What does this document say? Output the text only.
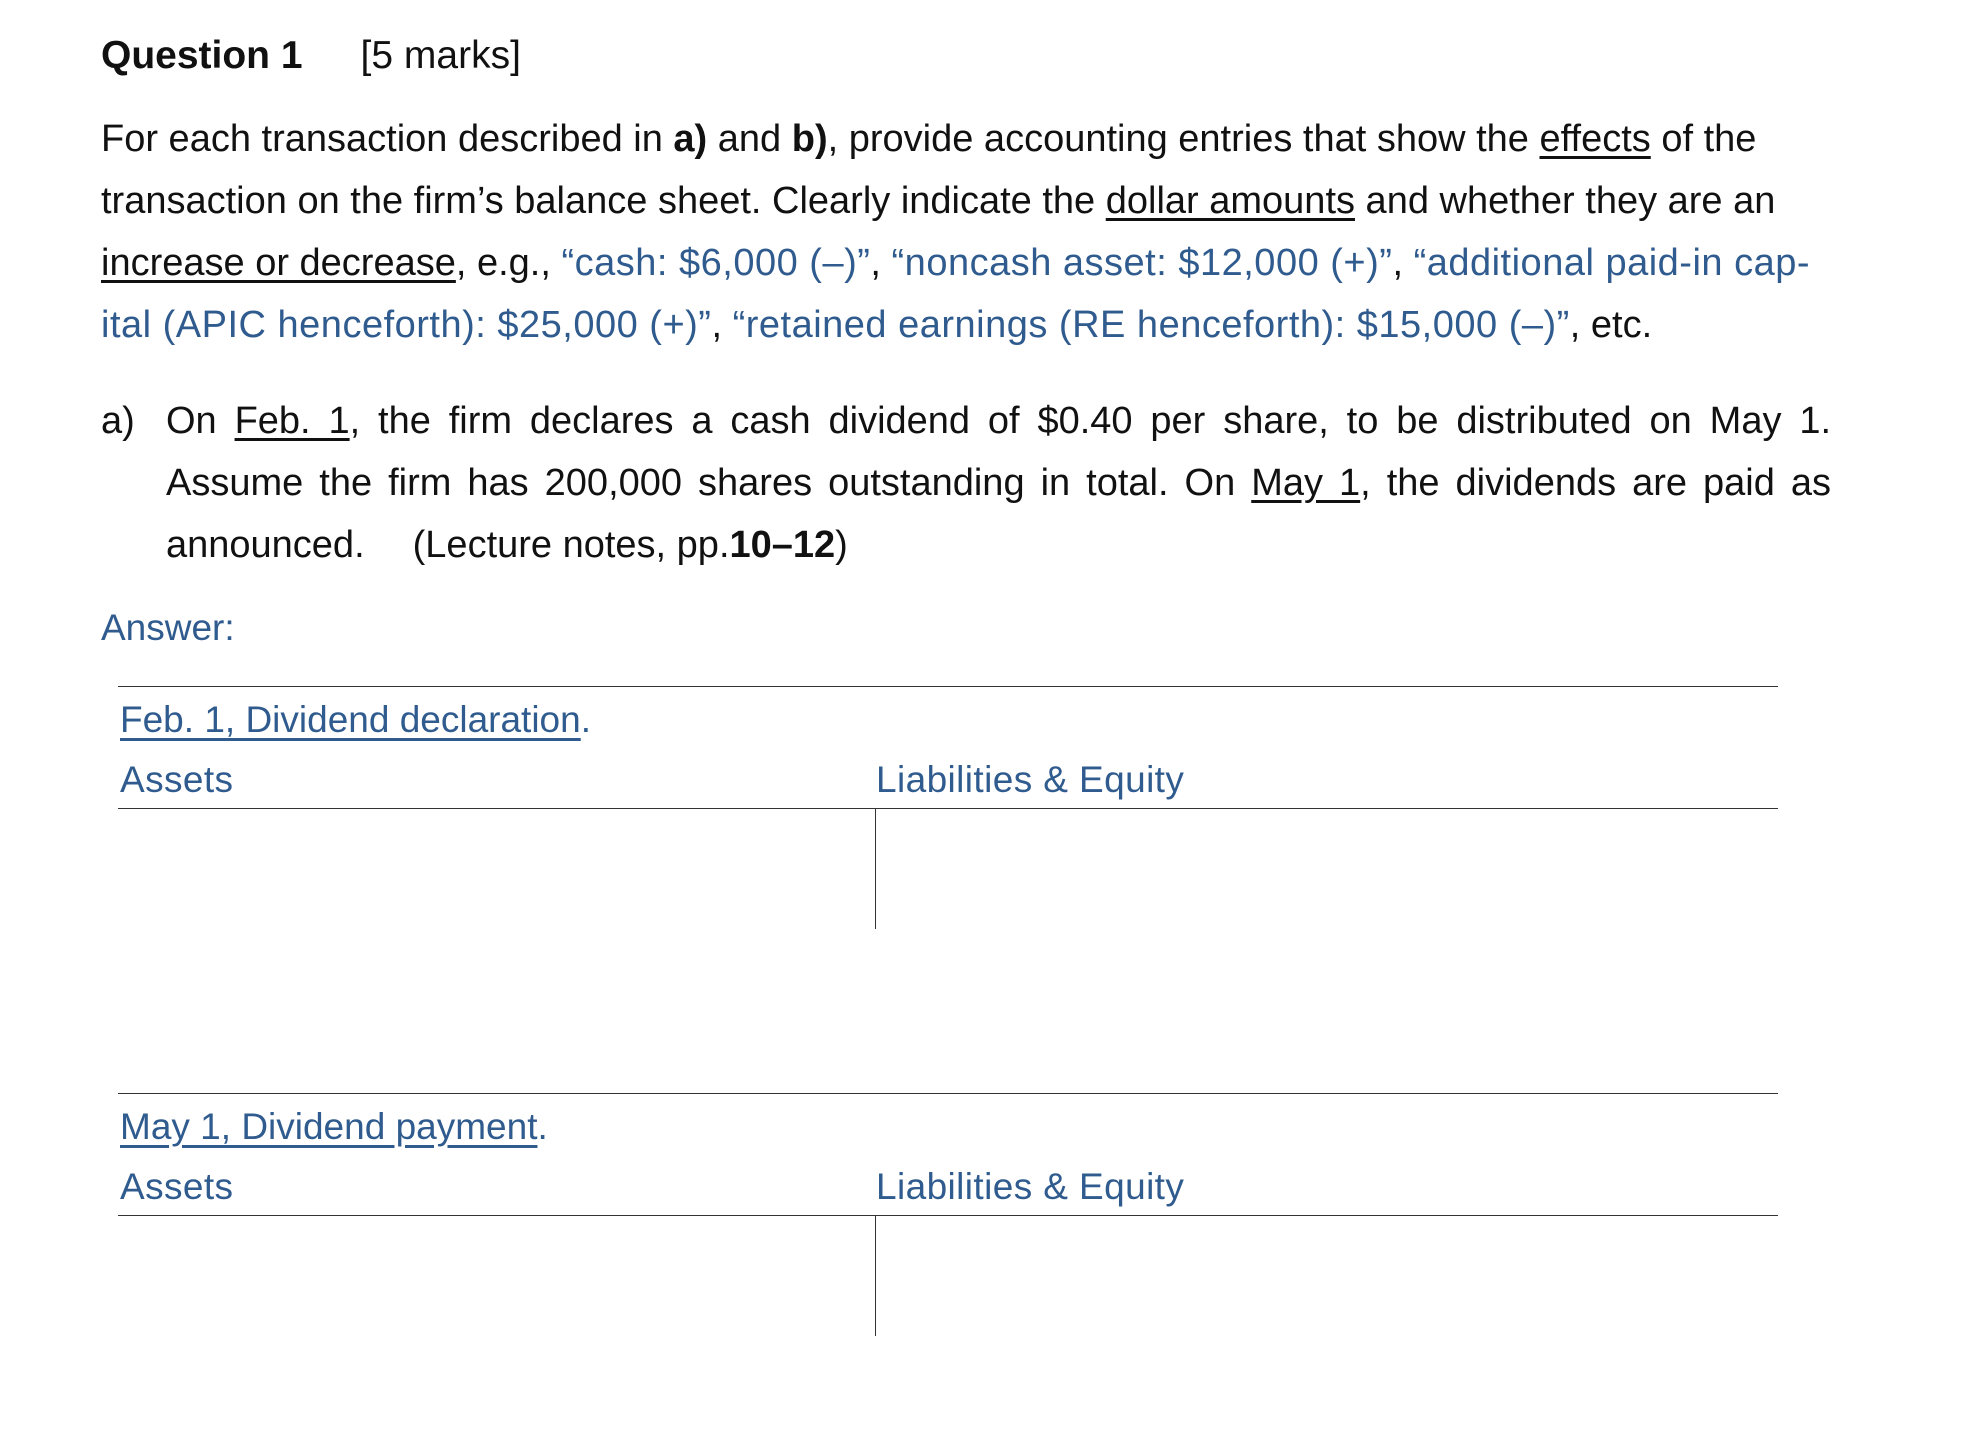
Question 1 [5 marks]
For each transaction described in a) and b), provide accounting entries that show the effects of the transaction on the firm’s balance sheet. Clearly indicate the dollar amounts and whether they are an increase or decrease, e.g., “cash: $6,000 (–)”, “noncash asset: $12,000 (+)”, “additional paid-in cap-ital (APIC henceforth): $25,000 (+)”, “retained earnings (RE henceforth): $15,000 (–)”, etc.
a) On Feb. 1, the firm declares a cash dividend of $0.40 per share, to be distributed on May 1. Assume the firm has 200,000 shares outstanding in total. On May 1, the dividends are paid as announced. (Lecture notes, pp.10–12)
Answer:
Feb. 1, Dividend declaration.
Assets	Liabilities & Equity
May 1, Dividend payment.
Assets	Liabilities & Equity
